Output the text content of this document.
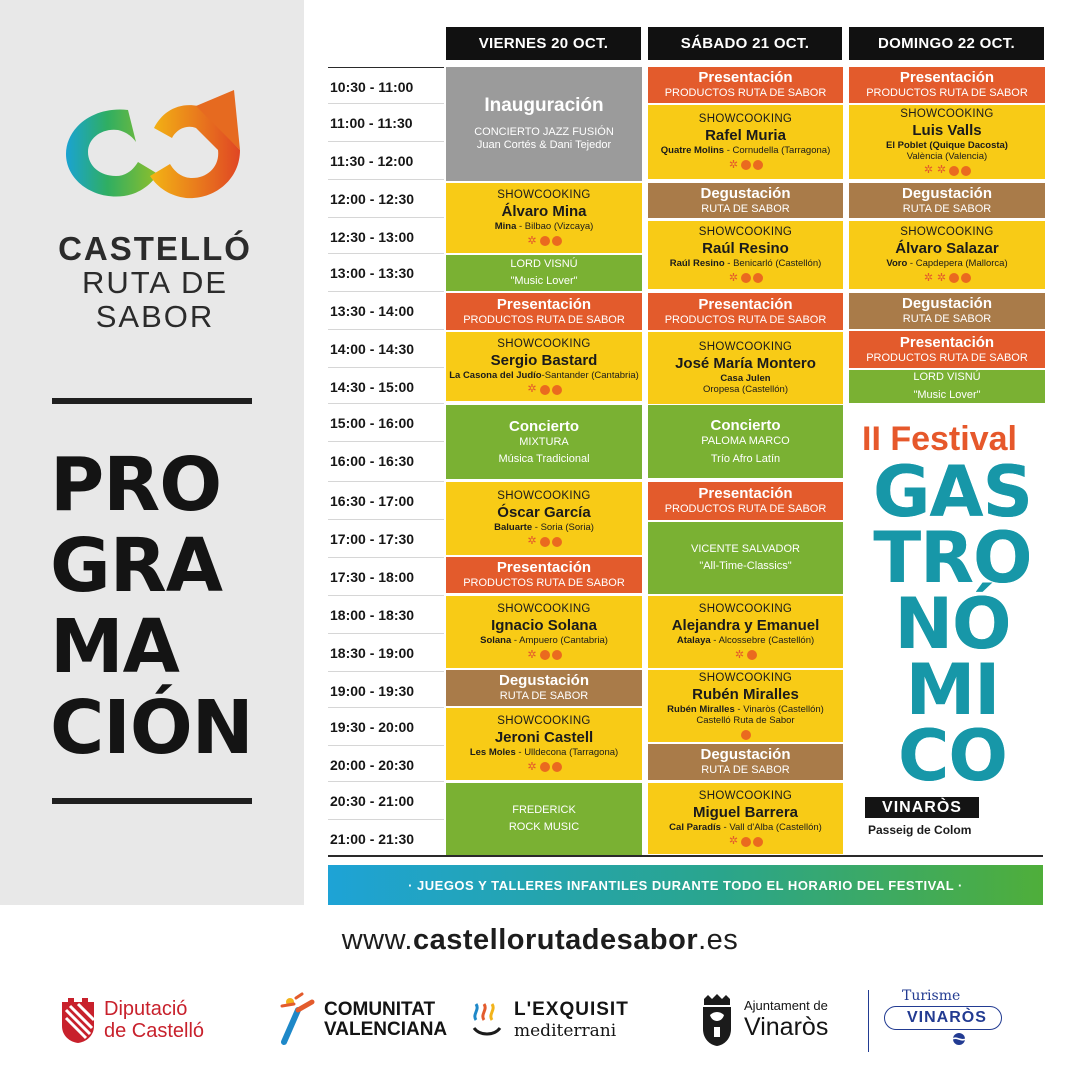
CASTELLÓ
RUTA DE
SABOR
PRO
GRA
MA
CIÓN
VIERNES 20 OCT.	SÁBADO 21 OCT.	DOMINGO 22 OCT.
10:30 - 11:00
11:00 - 11:30
11:30 - 12:00
12:00 - 12:30
12:30 - 13:00
13:00 - 13:30
13:30 - 14:00
14:00 - 14:30
14:30 - 15:00
15:00 - 16:00
16:00 - 16:30
16:30 - 17:00
17:00 - 17:30
17:30 - 18:00
18:00 - 18:30
18:30 - 19:00
19:00 - 19:30
19:30 - 20:00
20:00 - 20:30
20:30 - 21:00
21:00 - 21:30
Inauguración
CONCIERTO JAZZ FUSIÓN
Juan Cortés & Dani Tejedor
SHOWCOOKING
Álvaro Mina
Mina - Bilbao (Vizcaya)
✲
LORD VISNÚ
"Music Lover"
Presentación
PRODUCTOS RUTA DE SABOR
SHOWCOOKING
Sergio Bastard
La Casona del Judío-Santander (Cantabria)
✲
Concierto
MIXTURA
Música Tradicional
SHOWCOOKING
Óscar García
Baluarte - Soria (Soria)
✲
Presentación
PRODUCTOS RUTA DE SABOR
SHOWCOOKING
Ignacio Solana
Solana - Ampuero (Cantabria)
✲
Degustación
RUTA DE SABOR
SHOWCOOKING
Jeroni Castell
Les Moles - Ulldecona (Tarragona)
✲
FREDERICK
ROCK MUSIC
Presentación
PRODUCTOS RUTA DE SABOR
SHOWCOOKING
Rafel Muria
Quatre Molins - Cornudella (Tarragona)
✲
Degustación
RUTA DE SABOR
SHOWCOOKING
Raúl Resino
Raúl Resino - Benicarló (Castellón)
✲
Presentación
PRODUCTOS RUTA DE SABOR
SHOWCOOKING
José María Montero
Casa Julen
Oropesa (Castellón)
Concierto
PALOMA MARCO
Trío Afro Latín
Presentación
PRODUCTOS RUTA DE SABOR
VICENTE SALVADOR
"All-Time-Classics"
SHOWCOOKING
Alejandra y Emanuel
Atalaya - Alcossebre (Castellón)
✲
SHOWCOOKING
Rubén Miralles
Rubén Miralles - Vinaròs (Castellón)
Castelló Ruta de Sabor
Degustación
RUTA DE SABOR
SHOWCOOKING
Miguel Barrera
Cal Paradís - Vall d'Alba (Castellón)
✲
Presentación
PRODUCTOS RUTA DE SABOR
SHOWCOOKING
Luis Valls
El Poblet (Quique Dacosta)
València (Valencia)
✲ ✲
Degustación
RUTA DE SABOR
SHOWCOOKING
Álvaro Salazar
Voro - Capdepera (Mallorca)
✲ ✲
Degustación
RUTA DE SABOR
Presentación
PRODUCTOS RUTA DE SABOR
LORD VISNÚ
"Music Lover"
II Festival
GAS
TRO
NÓ
MI
CO
VINARÒS
Passeig de Colom
· JUEGOS Y TALLERES INFANTILES DURANTE TODO EL HORARIO DEL FESTIVAL ·
www.castellorutadesabor.es
Diputació
de Castelló
COMUNITAT
VALENCIANA
L'EXQUISIT
mediterrani
Ajuntament de
Vinaròs
Turisme
VINARÒS
